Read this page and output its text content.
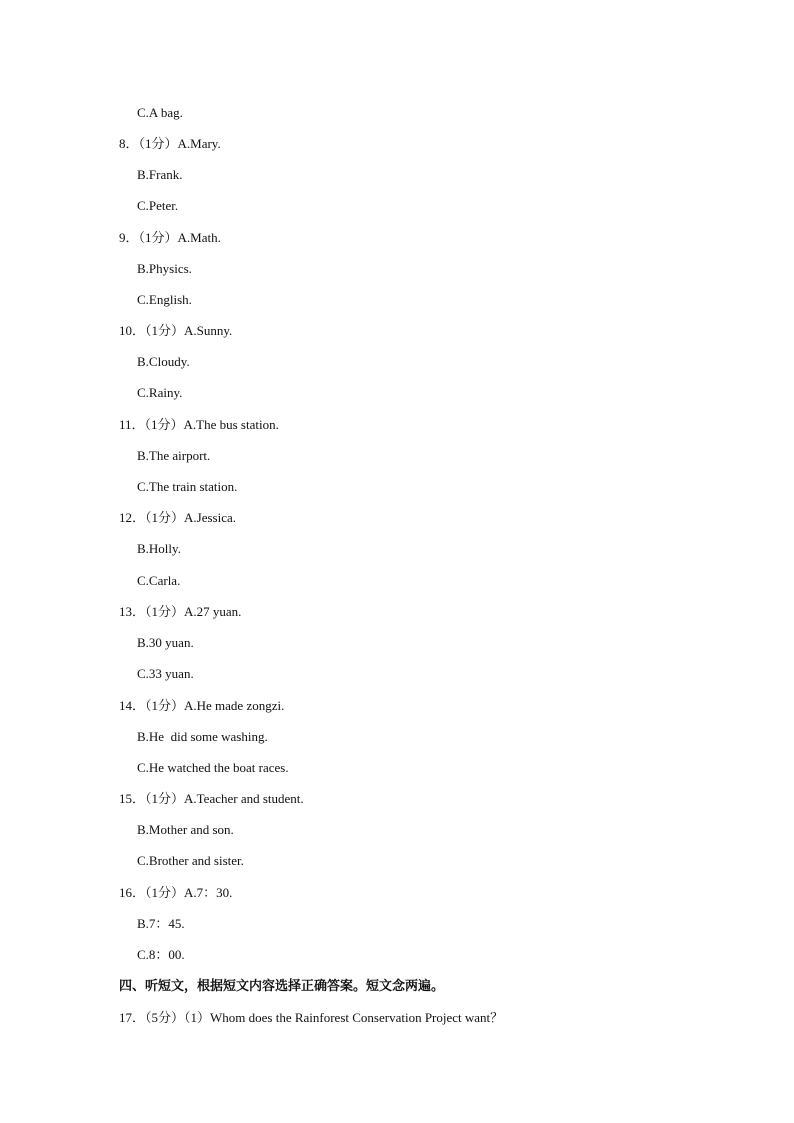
C.A bag.
8．（1分）A.Mary.
B.Frank.
C.Peter.
9．（1分）A.Math.
B.Physics.
C.English.
10．（1分）A.Sunny.
B.Cloudy.
C.Rainy.
11．（1分）A.The bus station.
B.The airport.
C.The train station.
12．（1分）A.Jessica.
B.Holly.
C.Carla.
13．（1分）A.27 yuan.
B.30 yuan.
C.33 yuan.
14．（1分）A.He made zongzi.
B.He  did some washing.
C.He watched the boat races.
15．（1分）A.Teacher and student.
B.Mother and son.
C.Brother and sister.
16．（1分）A.7：30.
B.7：45.
C.8：00.
四、听短文，根据短文内容选择正确答案。短文念两遍。
17．（5分）（1）Whom does the Rainforest Conservation Project want？
